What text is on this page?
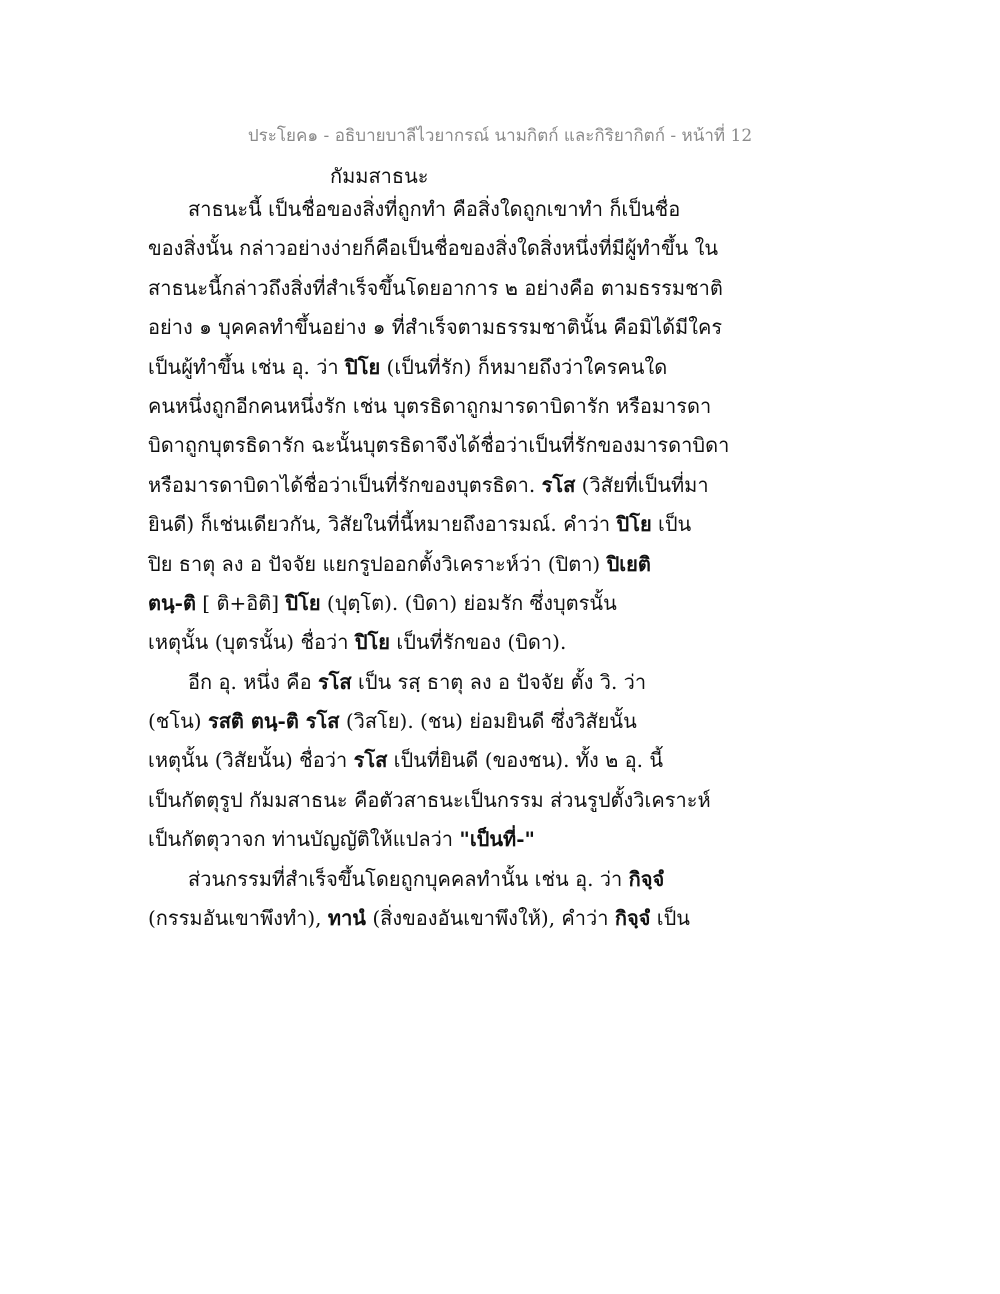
ประโยค๑ - อธิบายบาลีไวยากรณ์ นามกิตก์ และกิริยากิตก์ - หน้าที่ 12
กัมมสาธนะ
สาธนะนี้ เป็นชื่อของสิ่งที่ถูกทำ คือสิ่งใดถูกเขาทำ ก็เป็นชื่อ
ของสิ่งนั้น กล่าวอย่างง่ายก็คือเป็นชื่อของสิ่งใดสิ่งหนึ่งที่มีผู้ทำขึ้น ใน
สาธนะนี้กล่าวถึงสิ่งที่สำเร็จขึ้นโดยอาการ ๒ อย่างคือ ตามธรรมชาติ
อย่าง ๑ บุคคลทำขึ้นอย่าง ๑ ที่สำเร็จตามธรรมชาตินั้น คือมิได้มีใคร
เป็นผู้ทำขึ้น เช่น อุ. ว่า ปิโย (เป็นที่รัก) ก็หมายถึงว่าใครคนใด
คนหนึ่งถูกอีกคนหนึ่งรัก เช่น บุตรธิดาถูกมารดาบิดารัก หรือมารดา
บิดาถูกบุตรธิดารัก ฉะนั้นบุตรธิดาจึงได้ชื่อว่าเป็นที่รักของมารดาบิดา
หรือมารดาบิดาได้ชื่อว่าเป็นที่รักของบุตรธิดา. รโส (วิสัยที่เป็นที่มา
ยินดี) ก็เช่นเดียวกัน, วิสัยในที่นี้หมายถึงอารมณ์. คำว่า ปิโย เป็น
ปิย ธาตุ ลง อ ปัจจัย แยกรูปออกตั้งวิเคราะห์ว่า (ปิตา) ปิเยติ
ตนฺ-ติ [ ติ+อิติ] ปิโย (ปุตฺโต). (บิดา) ย่อมรัก ซึ่งบุตรนั้น
เหตุนั้น (บุตรนั้น) ชื่อว่า ปิโย เป็นที่รักของ (บิดา).
อีก อุ. หนึ่ง คือ รโส เป็น รสฺ ธาตุ ลง อ ปัจจัย ตั้ง วิ. ว่า
(ชโน) รสติ ตนฺ-ติ รโส (วิสโย). (ชน) ย่อมยินดี ซึ่งวิสัยนั้น
เหตุนั้น (วิสัยนั้น) ชื่อว่า รโส เป็นที่ยินดี (ของชน). ทั้ง ๒ อุ. นี้
เป็นกัตตุรูป กัมมสาธนะ คือตัวสาธนะเป็นกรรม ส่วนรูปตั้งวิเคราะห์
เป็นกัตตุวาจก ท่านบัญญัติให้แปลว่า "เป็นที่-"
ส่วนกรรมที่สำเร็จขึ้นโดยถูกบุคคลทำนั้น เช่น อุ. ว่า กิจฺจํ
(กรรมอันเขาพึงทำ), ทานํ (สิ่งของอันเขาพึงให้), คำว่า กิจฺจํ เป็น
